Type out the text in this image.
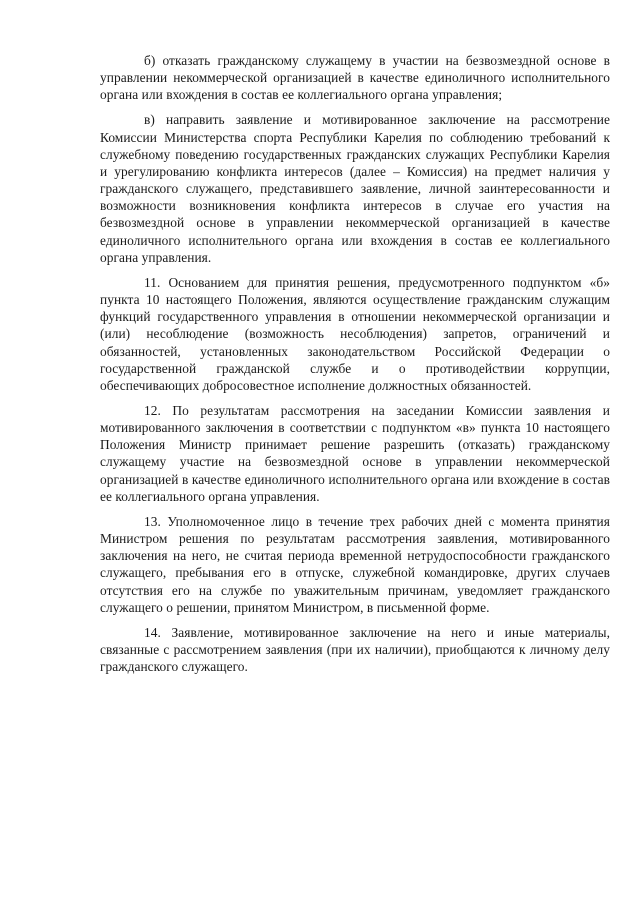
б) отказать гражданскому служащему в участии на безвозмездной основе в управлении некоммерческой организацией в качестве единоличного исполнительного органа или вхождения в состав ее коллегиального органа управления;

в) направить заявление и мотивированное заключение на рассмотрение Комиссии Министерства спорта Республики Карелия по соблюдению требований к служебному поведению государственных гражданских служащих Республики Карелия и урегулированию конфликта интересов (далее – Комиссия) на предмет наличия у гражданского служащего, представившего заявление, личной заинтересованности и возможности возникновения конфликта интересов в случае его участия на безвозмездной основе в управлении некоммерческой организацией в качестве единоличного исполнительного органа или вхождения в состав ее коллегиального органа управления.

11. Основанием для принятия решения, предусмотренного подпунктом «б» пункта 10 настоящего Положения, являются осуществление гражданским служащим функций государственного управления в отношении некоммерческой организации и (или) несоблюдение (возможность несоблюдения) запретов, ограничений и обязанностей, установленных законодательством Российской Федерации о государственной гражданской службе и о противодействии коррупции, обеспечивающих добросовестное исполнение должностных обязанностей.

12. По результатам рассмотрения на заседании Комиссии заявления и мотивированного заключения в соответствии с подпунктом «в» пункта 10 настоящего Положения Министр принимает решение разрешить (отказать) гражданскому служащему участие на безвозмездной основе в управлении некоммерческой организацией в качестве единоличного исполнительного органа или вхождение в состав ее коллегиального органа управления.

13. Уполномоченное лицо в течение трех рабочих дней с момента принятия Министром решения по результатам рассмотрения заявления, мотивированного заключения на него, не считая периода временной нетрудоспособности гражданского служащего, пребывания его в отпуске, служебной командировке, других случаев отсутствия его на службе по уважительным причинам, уведомляет гражданского служащего о решении, принятом Министром, в письменной форме.

14. Заявление, мотивированное заключение на него и иные материалы, связанные с рассмотрением заявления (при их наличии), приобщаются к личному делу гражданского служащего.
